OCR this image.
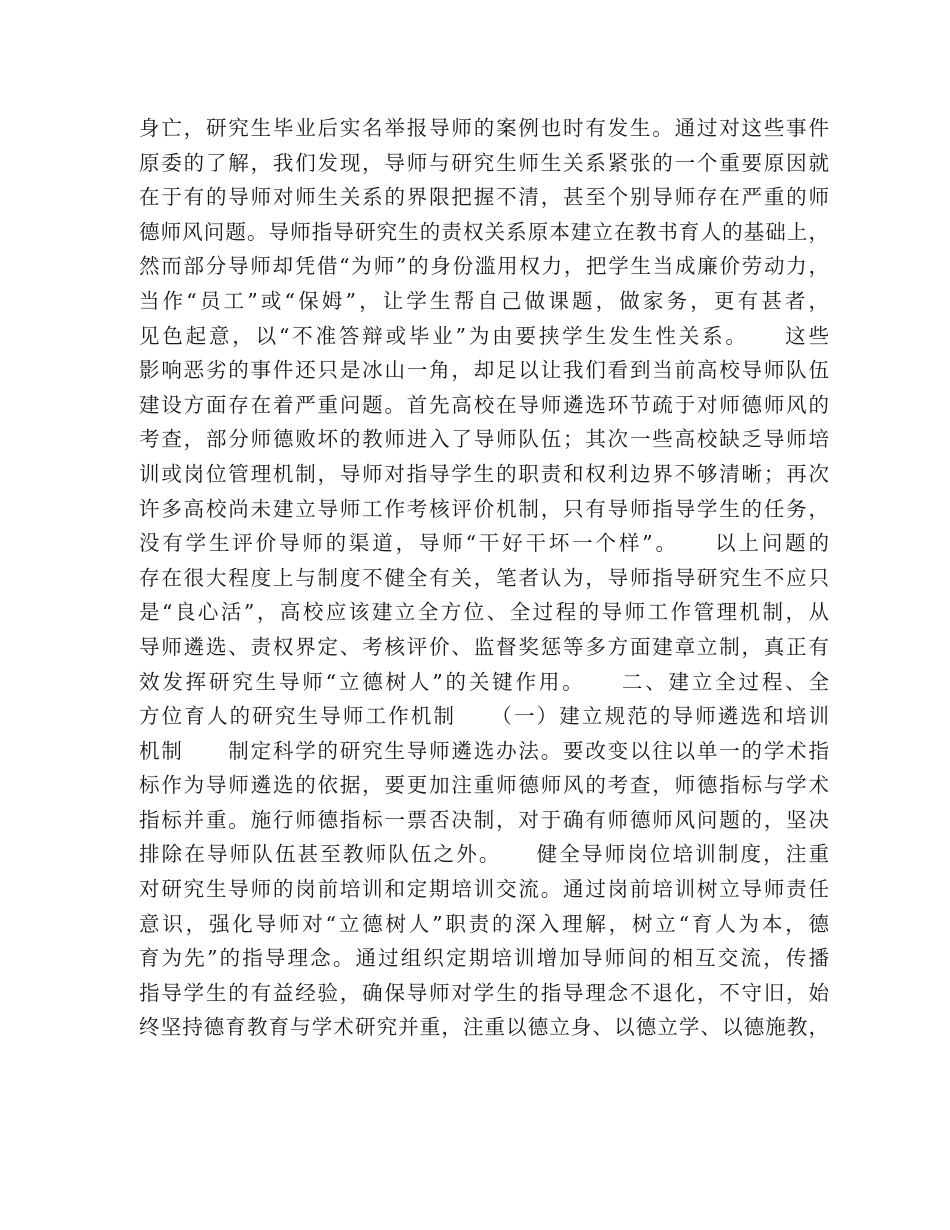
身亡，研究生毕业后实名举报导师的案例也时有发生。通过对这些事件
原委的了解，我们发现，导师与研究生师生关系紧张的一个重要原因就
在于有的导师对师生关系的界限把握不清，甚至个别导师存在严重的师
德师风问题。导师指导研究生的责权关系原本建立在教书育人的基础上，
然而部分导师却凭借“为师”的身份滥用权力，把学生当成廉价劳动力，
当作“员工”或“保姆”，让学生帮自己做课题，做家务，更有甚者，
见色起意，以“不准答辩或毕业”为由要挟学生发生性关系。　　这些
影响恶劣的事件还只是冰山一角，却足以让我们看到当前高校导师队伍
建设方面存在着严重问题。首先高校在导师遴选环节疏于对师德师风的
考查，部分师德败坏的教师进入了导师队伍；其次一些高校缺乏导师培
训或岗位管理机制，导师对指导学生的职责和权利边界不够清晰；再次
许多高校尚未建立导师工作考核评价机制，只有导师指导学生的任务，
没有学生评价导师的渠道，导师“干好干坏一个样”。　　以上问题的
存在很大程度上与制度不健全有关，笔者认为，导师指导研究生不应只
是“良心活”，高校应该建立全方位、全过程的导师工作管理机制，从
导师遴选、责权界定、考核评价、监督奖惩等多方面建章立制，真正有
效发挥研究生导师“立德树人”的关键作用。　　二、建立全过程、全
方位育人的研究生导师工作机制　　（一）建立规范的导师遴选和培训
机制　　制定科学的研究生导师遴选办法。要改变以往以单一的学术指
标作为导师遴选的依据，要更加注重师德师风的考查，师德指标与学术
指标并重。施行师德指标一票否决制，对于确有师德师风问题的，坚决
排除在导师队伍甚至教师队伍之外。　　健全导师岗位培训制度，注重
对研究生导师的岗前培训和定期培训交流。通过岗前培训树立导师责任
意识，强化导师对“立德树人”职责的深入理解，树立“育人为本，德
育为先”的指导理念。通过组织定期培训增加导师间的相互交流，传播
指导学生的有益经验，确保导师对学生的指导理念不退化，不守旧，始
终坚持德育教育与学术研究并重，注重以德立身、以德立学、以德施教，
